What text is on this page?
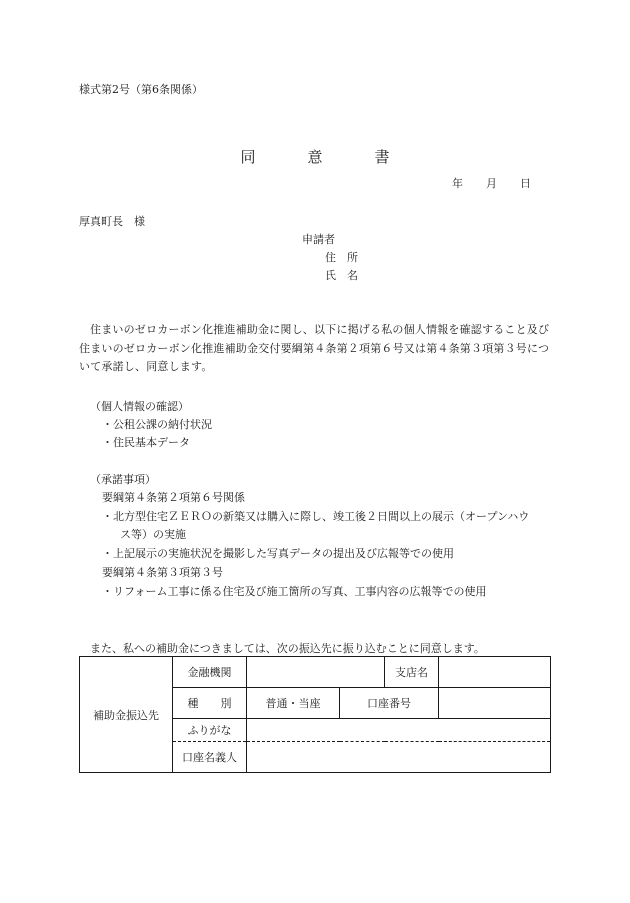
様式第2号（第6条関係）
同	意	書
年 月 日
厚真町長　様
申請者
住　所
氏　名
住まいのゼロカーボン化推進補助金に関し、以下に掲げる私の個人情報を確認すること及び住まいのゼロカーボン化推進補助金交付要綱第４条第２項第６号又は第４条第３項第３号について承諾し、同意します。
（個人情報の確認）
・公租公課の納付状況
・住民基本データ
（承諾事項）
要綱第４条第２項第６号関係
・北方型住宅ＺＥＲＯの新築又は購入に際し、竣工後２日間以上の展示（オープンハウ
ス等）の実施
・上記展示の実施状況を撮影した写真データの提出及び広報等での使用
要綱第４条第３項第３号
・リフォーム工事に係る住宅及び施工箇所の写真、工事内容の広報等での使用
また、私への補助金につきましては、次の振込先に振り込むことに同意します。
補助金振込先	金融機関			支店名	
	種　　別	普通・当座	口座番号		
	ふりがな				
	口座名義人				
